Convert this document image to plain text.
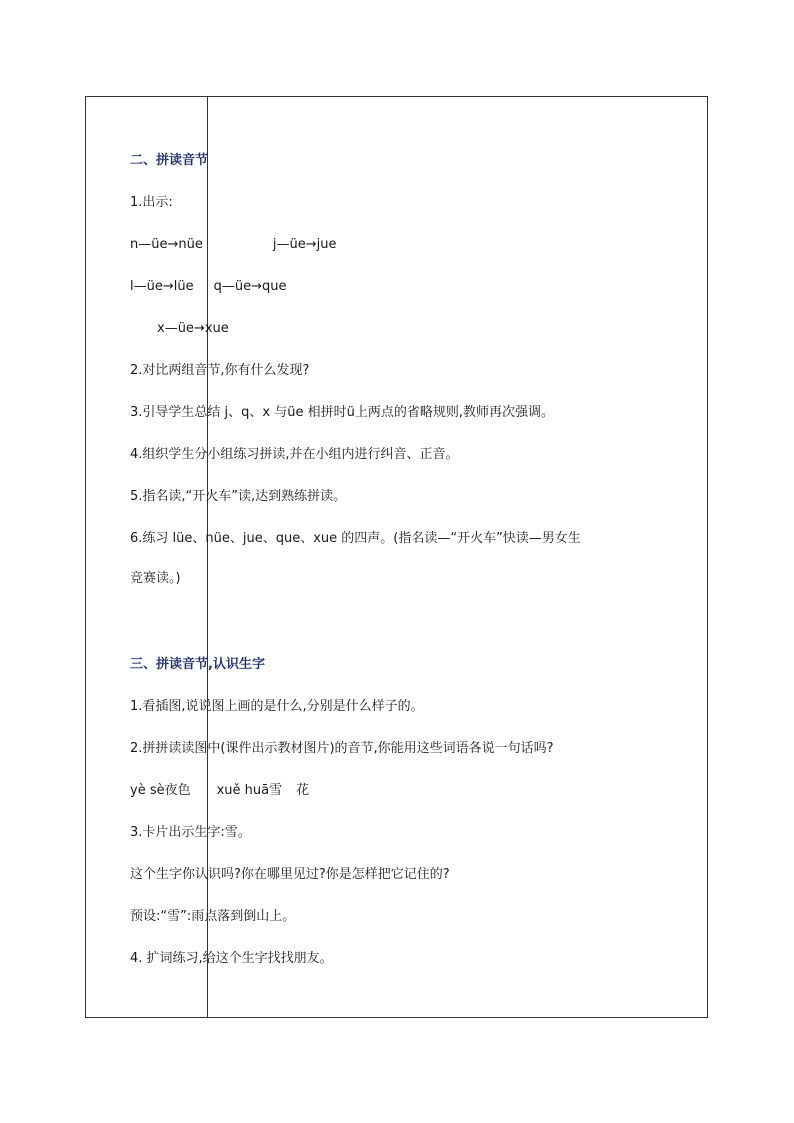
二、拼读音节
1.出示:
n—üe→nüe	j—üe→jue
l—üe→lüe q—üe→que
x—üe→xue
2.对比两组音节,你有什么发现?
3.引导学生总结 j、q、x 与üe 相拼时ü上两点的省略规则,教师再次强调。
4.组织学生分小组练习拼读,并在小组内进行纠音、正音。
5.指名读,“开火车”读,达到熟练拼读。
6.练习 lüe、nüe、jue、que、xue 的四声。(指名读—“开火车”快读—男女生
竞赛读。)
三、拼读音节,认识生字
1.看插图,说说图上画的是什么,分别是什么样子的。
2.拼拼读读图中(课件出示教材图片)的音节,你能用这些词语各说一句话吗?
yè sè夜色 xuě huā雪 花
3.卡片出示生字:雪。
这个生字你认识吗?你在哪里见过?你是怎样把它记住的?
预设:“雪”:雨点落到倒山上。
4. 扩词练习,给这个生字找找朋友。
